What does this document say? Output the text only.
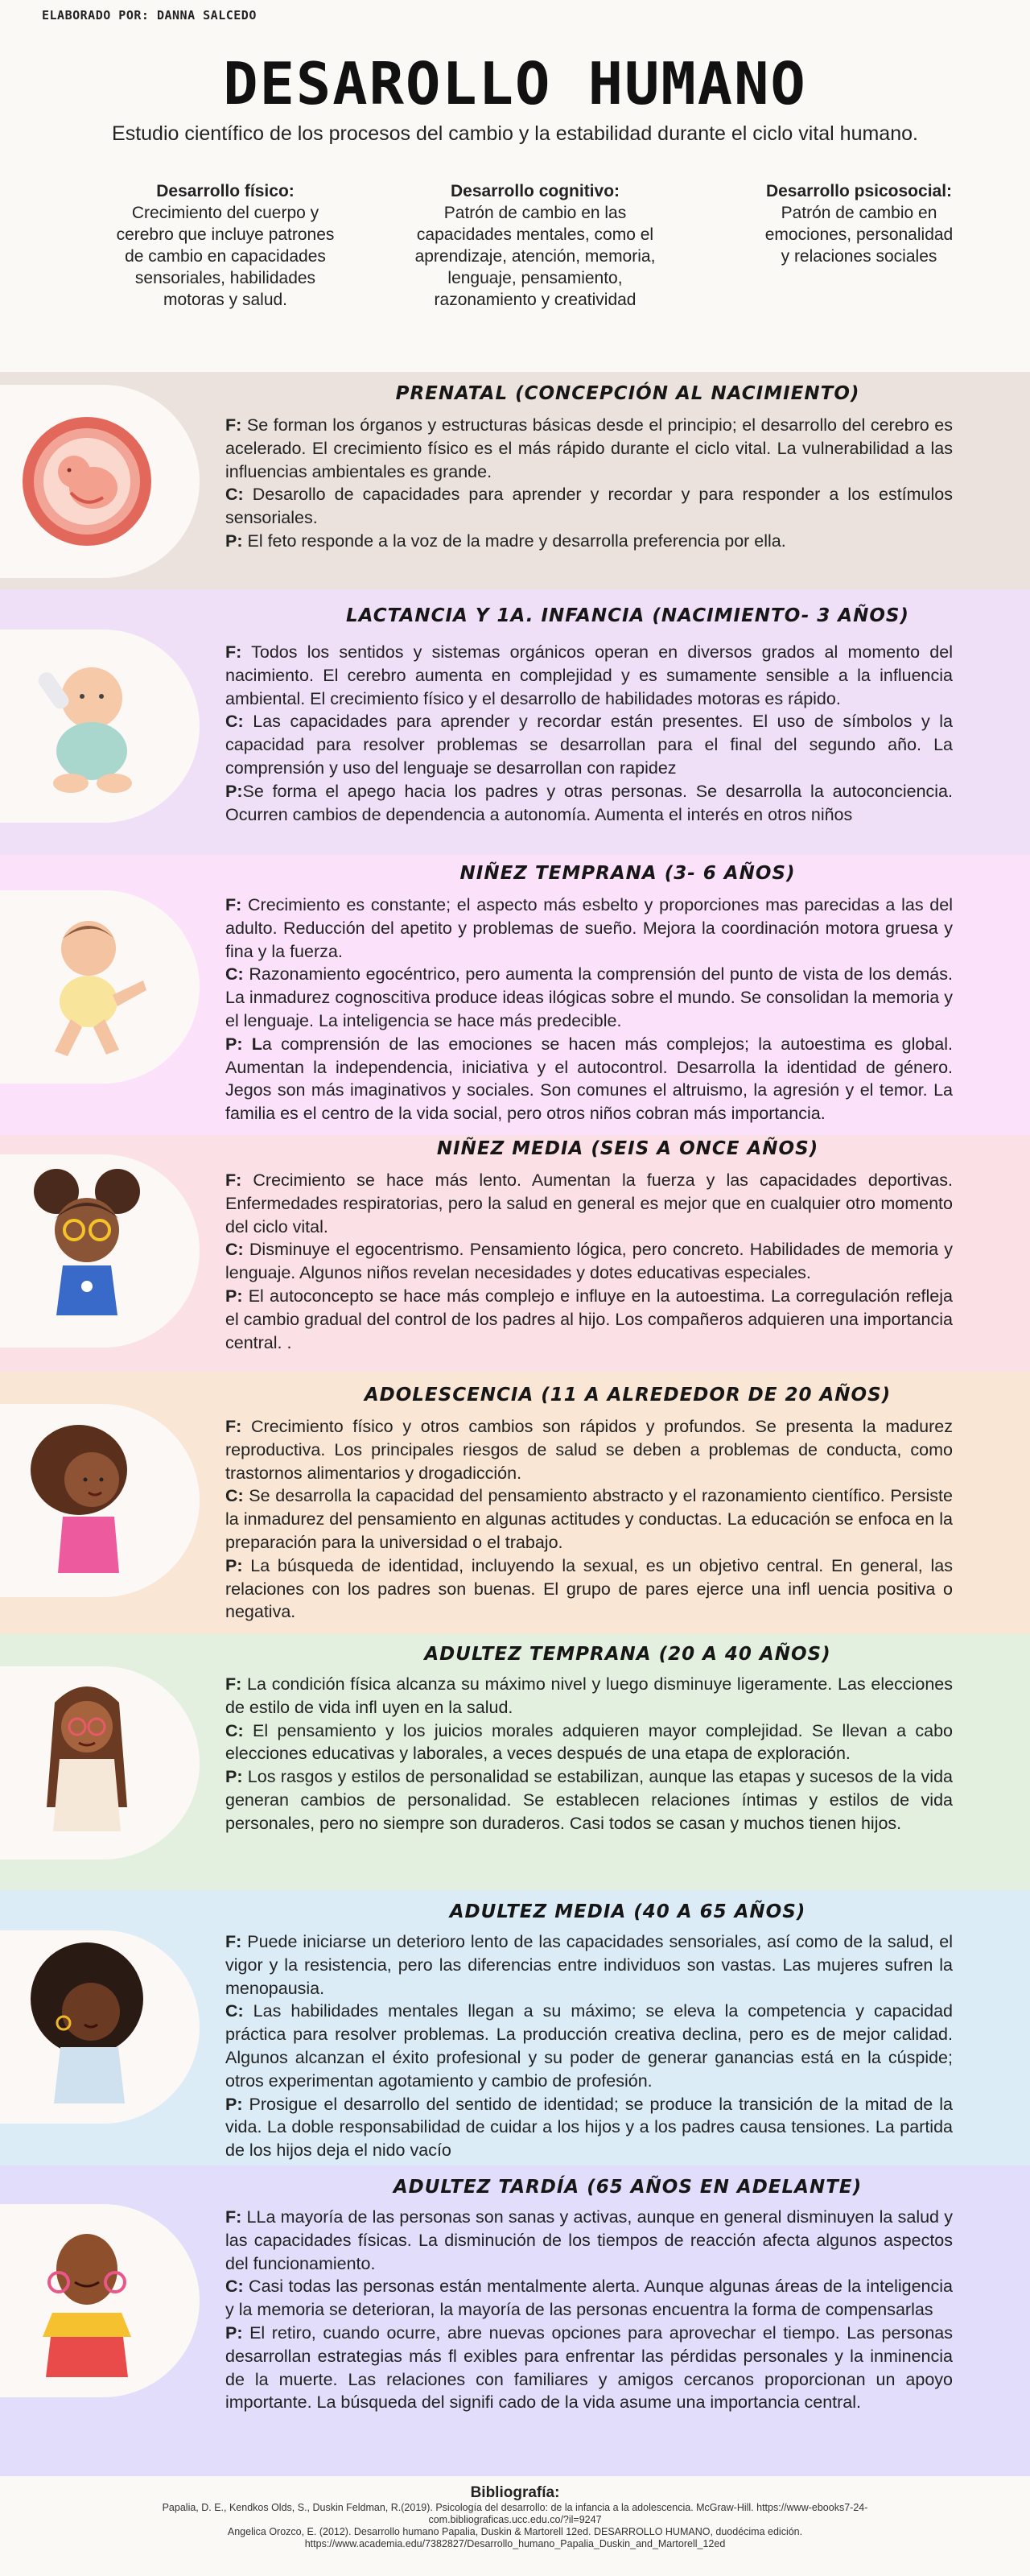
ELABORADO POR: DANNA SALCEDO
DESAROLLO HUMANO
Estudio científico de los procesos del cambio y la estabilidad durante el ciclo vital humano.
Desarrollo físico:
Crecimiento del cuerpo y cerebro que incluye patrones de cambio en capacidades sensoriales, habilidades motoras y salud.
Desarrollo cognitivo:
Patrón de cambio en las capacidades mentales, como el aprendizaje, atención, memoria, lenguaje, pensamiento, razonamiento y creatividad
Desarrollo psicosocial:
Patrón de cambio en emociones, personalidad y relaciones sociales
PRENATAL (CONCEPCIÓN AL NACIMIENTO)

F: Se forman los órganos y estructuras básicas desde el principio; el desarrollo del cerebro es acelerado. El crecimiento físico es el más rápido durante el ciclo vital. La vulnerabilidad a las influencias ambientales es grande.

C: Desarollo de capacidades para aprender y recordar y para responder a los estímulos sensoriales.

P: El feto responde a la voz de la madre y desarrolla preferencia por ella.

LACTANCIA Y 1A. INFANCIA (NACIMIENTO- 3 AÑOS)

F: Todos los sentidos y sistemas orgánicos operan en diversos grados al momento del nacimiento. El cerebro aumenta en complejidad y es sumamente sensible a la influencia ambiental. El crecimiento físico y el desarrollo de habilidades motoras es rápido.

C: Las capacidades para aprender y recordar están presentes. El uso de símbolos y la capacidad para resolver problemas se desarrollan para el final del segundo año. La comprensión y uso del lenguaje se desarrollan con rapidez

P:Se forma el apego hacia los padres y otras personas. Se desarrolla la autoconciencia. Ocurren cambios de dependencia a autonomía. Aumenta el interés en otros niños

NIÑEZ TEMPRANA (3- 6 AÑOS)

F: Crecimiento es constante; el aspecto más esbelto y proporciones mas parecidas a las del adulto. Reducción del apetito y problemas de sueño. Mejora la coordinación motora gruesa y fina y la fuerza.

C: Razonamiento egocéntrico, pero aumenta la comprensión del punto de vista de los demás. La inmadurez cognoscitiva produce ideas ilógicas sobre el mundo. Se consolidan la memoria y el lenguaje. La inteligencia se hace más predecible.

P: La comprensión de las emociones se hacen más complejos; la autoestima es global. Aumentan la independencia, iniciativa y el autocontrol. Desarrolla la identidad de género. Jegos son más imaginativos y sociales. Son comunes el altruismo, la agresión y el temor. La familia es el centro de la vida social, pero otros niños cobran más importancia.

NIÑEZ MEDIA (SEIS A ONCE AÑOS)

F: Crecimiento se hace más lento. Aumentan la fuerza y las capacidades deportivas. Enfermedades respiratorias, pero la salud en general es mejor que en cualquier otro momento del ciclo vital.

C: Disminuye el egocentrismo. Pensamiento lógica, pero concreto. Habilidades de memoria y lenguaje. Algunos niños revelan necesidades y dotes educativas especiales.

P: El autoconcepto se hace más complejo e influye en la autoestima. La corregulación refleja el cambio gradual del control de los padres al hijo. Los compañeros adquieren una importancia central. .

ADOLESCENCIA (11 A ALREDEDOR DE 20 AÑOS)

F: Crecimiento físico y otros cambios son rápidos y profundos. Se presenta la madurez reproductiva. Los principales riesgos de salud se deben a problemas de conducta, como trastornos alimentarios y drogadicción.

C: Se desarrolla la capacidad del pensamiento abstracto y el razonamiento científico. Persiste la inmadurez del pensamiento en algunas actitudes y conductas. La educación se enfoca en la preparación para la universidad o el trabajo.

P: La búsqueda de identidad, incluyendo la sexual, es un objetivo central. En general, las relaciones con los padres son buenas. El grupo de pares ejerce una infl uencia positiva o negativa.

ADULTEZ TEMPRANA (20 A 40 AÑOS)

F: La condición física alcanza su máximo nivel y luego disminuye ligeramente. Las elecciones de estilo de vida infl uyen en la salud.

C: El pensamiento y los juicios morales adquieren mayor complejidad. Se llevan a cabo elecciones educativas y laborales, a veces después de una etapa de exploración.

P: Los rasgos y estilos de personalidad se estabilizan, aunque las etapas y sucesos de la vida generan cambios de personalidad. Se establecen relaciones íntimas y estilos de vida personales, pero no siempre son duraderos. Casi todos se casan y muchos tienen hijos.

ADULTEZ MEDIA (40 A 65 AÑOS)

F: Puede iniciarse un deterioro lento de las capacidades sensoriales, así como de la salud, el vigor y la resistencia, pero las diferencias entre individuos son vastas. Las mujeres sufren la menopausia.

C: Las habilidades mentales llegan a su máximo; se eleva la competencia y capacidad práctica para resolver problemas. La producción creativa declina, pero es de mejor calidad. Algunos alcanzan el éxito profesional y su poder de generar ganancias está en la cúspide; otros experimentan agotamiento y cambio de profesión.

P: Prosigue el desarrollo del sentido de identidad; se produce la transición de la mitad de la vida. La doble responsabilidad de cuidar a los hijos y a los padres causa tensiones. La partida de los hijos deja el nido vacío

ADULTEZ TARDÍA (65 AÑOS EN ADELANTE)

F: LLa mayoría de las personas son sanas y activas, aunque en general disminuyen la salud y las capacidades físicas. La disminución de los tiempos de reacción afecta algunos aspectos del funcionamiento.

C: Casi todas las personas están mentalmente alerta. Aunque algunas áreas de la inteligencia y la memoria se deterioran, la mayoría de las personas encuentra la forma de compensarlas

P: El retiro, cuando ocurre, abre nuevas opciones para aprovechar el tiempo. Las personas desarrollan estrategias más fl exibles para enfrentar las pérdidas personales y la inminencia de la muerte. Las relaciones con familiares y amigos cercanos proporcionan un apoyo importante. La búsqueda del signifi cado de la vida asume una importancia central.

Bibliografía:
Papalia, D. E., Kendkos Olds, S., Duskin Feldman, R.(2019). Psicología del desarrollo: de la infancia a la adolescencia. McGraw-Hill. https://www-ebooks7-24-
com.bibliograficas.ucc.edu.co/?il=9247
Angelica Orozco, E. (2012). Desarrollo humano Papalia, Duskin & Martorell 12ed. DESARROLLO HUMANO, duodécima edición.
https://www.academia.edu/7382827/Desarrollo_humano_Papalia_Duskin_and_Martorell_12ed
